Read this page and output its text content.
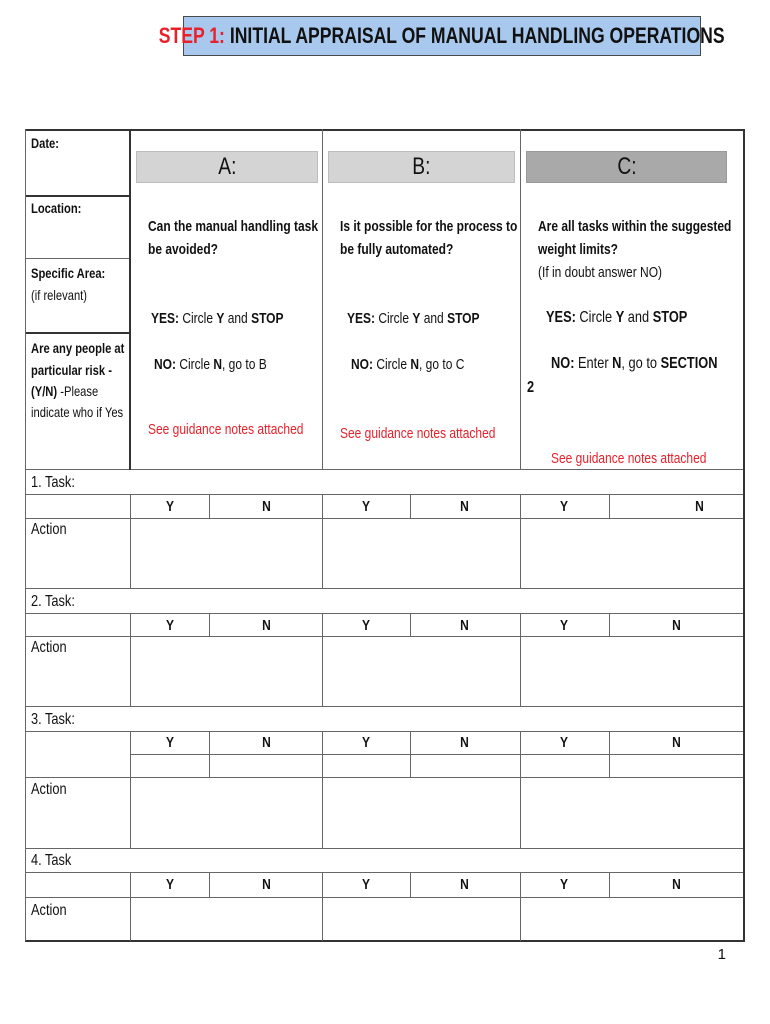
STEP 1: INITIAL APPRAISAL OF MANUAL HANDLING OPERATIONS
Date:
Location:
Specific Area:
(if relevant)
Are any people at
particular risk -
(Y/N) -Please
indicate who if Yes
A:	B:	C:
Can the manual handling task
be avoided?
YES: Circle Y and STOP
NO: Circle N, go to B
See guidance notes attached
Is it possible for the process to
be fully automated?
YES: Circle Y and STOP
NO: Circle N, go to C
See guidance notes attached
Are all tasks within the suggested
weight limits?
(If in doubt answer NO)
YES: Circle Y and STOP
NO: Enter N, go to SECTION
2
See guidance notes attached
1. Task:
Y	N	Y	N	Y	N
Action
2. Task:
Y	N	Y	N	Y	N
Action
3. Task:
Y	N	Y	N	Y	N
Action
4. Task
Y	N	Y	N	Y	N
Action
1
